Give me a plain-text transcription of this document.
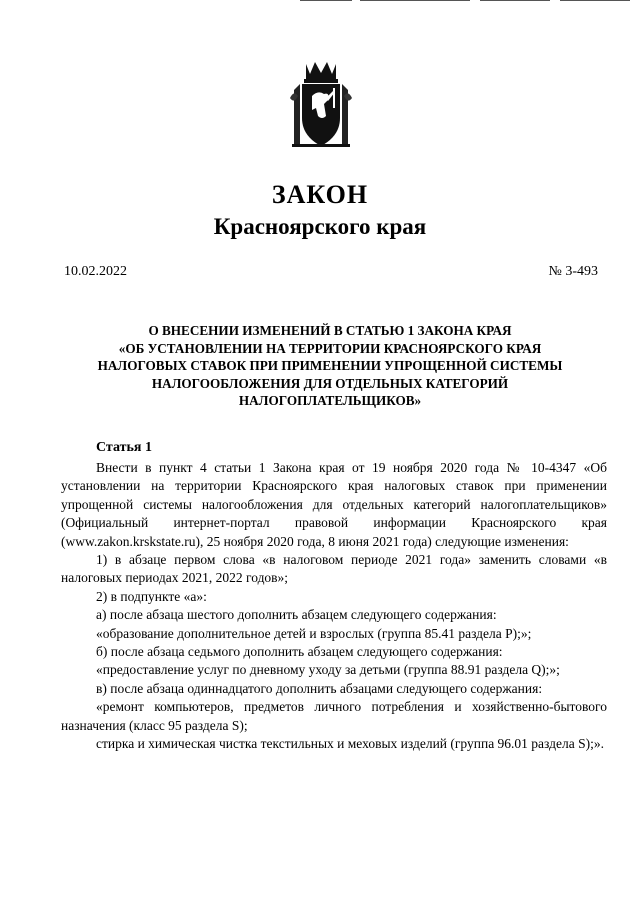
ЗАКОН
Красноярского края
10.02.2022	№ 3-493
О ВНЕСЕНИИ ИЗМЕНЕНИЙ В СТАТЬЮ 1 ЗАКОНА КРАЯ
«ОБ УСТАНОВЛЕНИИ НА ТЕРРИТОРИИ КРАСНОЯРСКОГО КРАЯ
НАЛОГОВЫХ СТАВОК ПРИ ПРИМЕНЕНИИ УПРОЩЕННОЙ СИСТЕМЫ
НАЛОГООБЛОЖЕНИЯ ДЛЯ ОТДЕЛЬНЫХ КАТЕГОРИЙ
НАЛОГОПЛАТЕЛЬЩИКОВ»
Статья 1

Внести в пункт 4 статьи 1 Закона края от 19 ноября 2020 года № 10-4347 «Об установлении на территории Красноярского края налоговых ставок при применении упрощенной системы налогообложения для отдельных категорий налогоплательщиков» (Официальный интернет-портал правовой информации Красноярского края (www.zakon.krskstate.ru), 25 ноября 2020 года, 8 июня 2021 года) следующие изменения:

1) в абзаце первом слова «в налоговом периоде 2021 года» заменить словами «в налоговых периодах 2021, 2022 годов»;

2) в подпункте «а»:

а) после абзаца шестого дополнить абзацем следующего содержания:

«образование дополнительное детей и взрослых (группа 85.41 раздела P);»;

б) после абзаца седьмого дополнить абзацем следующего содержания:

«предоставление услуг по дневному уходу за детьми (группа 88.91 раздела Q);»;

в) после абзаца одиннадцатого дополнить абзацами следующего содержания:

«ремонт компьютеров, предметов личного потребления и хозяйственно-бытового назначения (класс 95 раздела S);

стирка и химическая чистка текстильных и меховых изделий (группа 96.01 раздела S);».
